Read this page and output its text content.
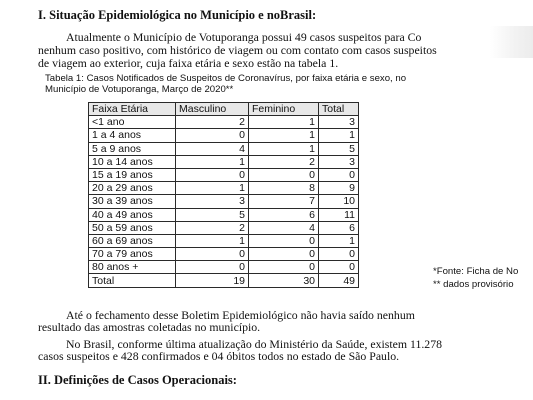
I. Situação Epidemiológica no Município e noBrasil:
Atualmente o Município de Votuporanga possui 49 casos suspeitos para Co
nenhum caso positivo, com histórico de viagem ou com contato com casos suspeitos
de viagem ao exterior, cuja faixa etária e sexo estão na tabela 1.
Tabela 1: Casos Notificados de Suspeitos de Coronavírus, por faixa etária e sexo, no
Município de Votuporanga, Março de 2020**
Faixa Etária	Masculino	Feminino	Total
<1 ano	2	1	3
1 a 4 anos	0	1	1
5 a 9 anos	4	1	5
10 a 14 anos	1	2	3
15 a 19 anos	0	0	0
20 a 29 anos	1	8	9
30 a 39 anos	3	7	10
40 a 49 anos	5	6	11
50 a 59 anos	2	4	6
60 a 69 anos	1	0	1
70 a 79 anos	0	0	0
80 anos +	0	0	0
Total	19	30	49
*Fonte: Ficha de No
** dados provisório
Até o fechamento desse Boletim Epidemiológico não havia saído nenhum
resultado das amostras coletadas no município.
No Brasil, conforme última atualização do Ministério da Saúde, existem 11.278
casos suspeitos e 428 confirmados e 04 óbitos todos no estado de São Paulo.
II. Definições de Casos Operacionais:
